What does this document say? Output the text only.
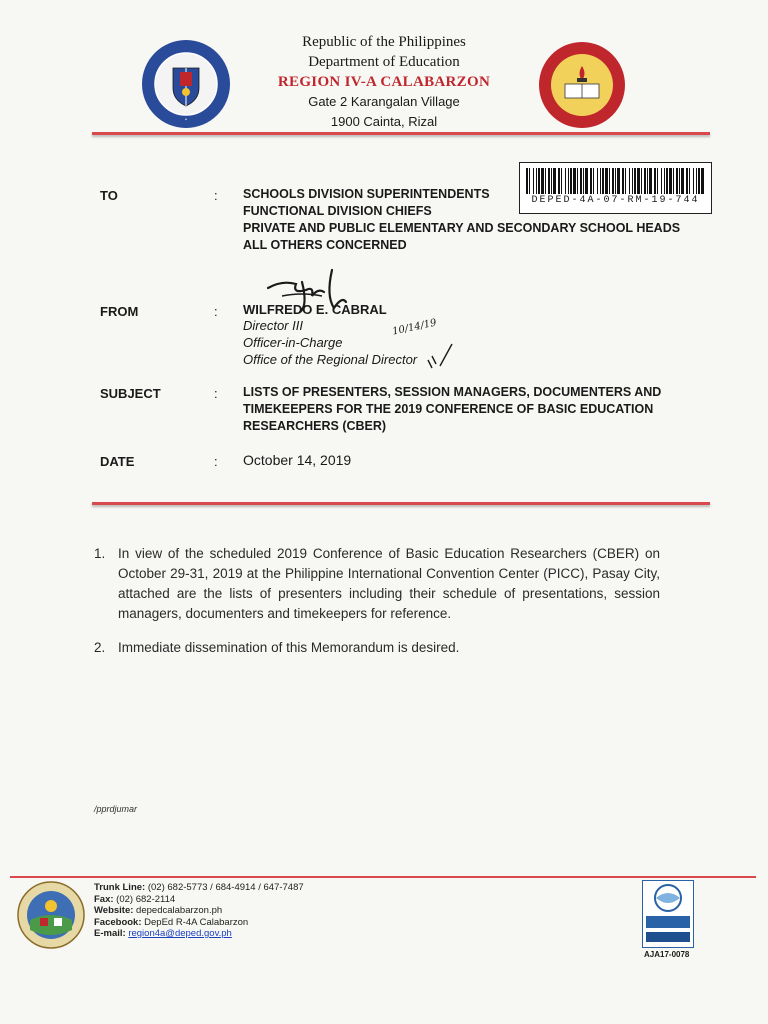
•
Republic of the Philippines
Department of Education
REGION IV-A CALABARZON
Gate 2 Karangalan Village
1900 Cainta, Rizal
DEPED-4A-07-RM-19-744
TO	: SCHOOLS DIVISION SUPERINTENDENTS
FUNCTIONAL DIVISION CHIEFS
PRIVATE AND PUBLIC ELEMENTARY AND SECONDARY SCHOOL HEADS
ALL OTHERS CONCERNED
FROM	: WILFREDO E. CABRAL
Director III
Officer-in-Charge
Office of the Regional Director
10/14/19
SUBJECT	: LISTS OF PRESENTERS, SESSION MANAGERS, DOCUMENTERS AND
TIMEKEEPERS FOR THE 2019 CONFERENCE OF BASIC EDUCATION
RESEARCHERS (CBER)
DATE	: October 14, 2019
1. In view of the scheduled 2019 Conference of Basic Education Researchers (CBER) on October 29-31, 2019 at the Philippine International Convention Center (PICC), Pasay City, attached are the lists of presenters including their schedule of presentations, session managers, documenters and timekeepers for reference.
2. Immediate dissemination of this Memorandum is desired.
/pprdjumar
Trunk Line: (02) 682-5773 / 684-4914 / 647-7487
Fax: (02) 682-2114
Website: depedcalabarzon.ph
Facebook: DepEd R-4A Calabarzon
E-mail: region4a@deped.gov.ph
AJA17-0078
